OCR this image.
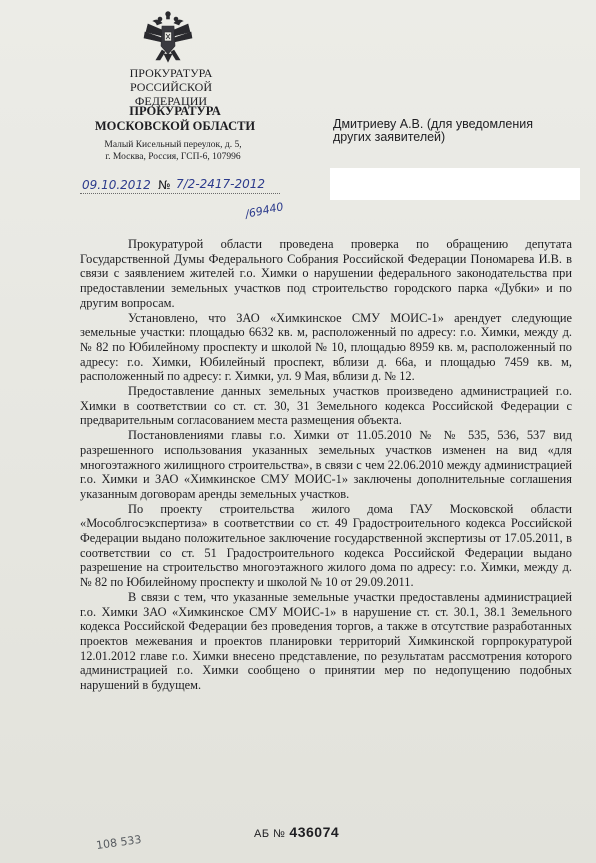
ПРОКУРАТУРА
РОССИЙСКОЙ ФЕДЕРАЦИИ
ПРОКУРАТУРА
МОСКОВСКОЙ ОБЛАСТИ
Малый Кисельный переулок, д. 5,
г. Москва, Россия, ГСП-6, 107996
Дмитриеву А.В. (для уведомления
других заявителей)
09.10.2012 № 7/2-2417-2012
/69440

Прокуратурой области проведена проверка по обращению депутата Государственной Думы Федерального Собрания Российской Федерации Пономарева И.В. в связи с заявлением жителей г.о. Химки о нарушении федерального законодательства при предоставлении земельных участков под строительство городского парка «Дубки» и по другим вопросам.

Установлено, что ЗАО «Химкинское СМУ МОИС-1» арендует следующие земельные участки: площадью 6632 кв. м, расположенный по адресу: г.о. Химки, между д. № 82 по Юбилейному проспекту и школой № 10, площадью 8959 кв. м, расположенный по адресу: г.о. Химки, Юбилейный проспект, вблизи д. 66а, и площадью 7459 кв. м, расположенный по адресу: г. Химки, ул. 9 Мая, вблизи д. № 12.

Предоставление данных земельных участков произведено администрацией г.о. Химки в соответствии со ст. ст. 30, 31 Земельного кодекса Российской Федерации с предварительным согласованием места размещения объекта.

Постановлениями главы г.о. Химки от 11.05.2010 № № 535, 536, 537 вид разрешенного использования указанных земельных участков изменен на вид «для многоэтажного жилищного строительства», в связи с чем 22.06.2010 между администрацией г.о. Химки и ЗАО «Химкинское СМУ МОИС-1» заключены дополнительные соглашения указанным договорам аренды земельных участков.

По проекту строительства жилого дома ГАУ Московской области «Мособлгосэкспертиза» в соответствии со ст. 49 Градостроительного кодекса Российской Федерации выдано положительное заключение государственной экспертизы от 17.05.2011, в соответствии со ст. 51 Градостроительного кодекса Российской Федерации выдано разрешение на строительство многоэтажного жилого дома по адресу: г.о. Химки, между д. № 82 по Юбилейному проспекту и школой № 10 от 29.09.2011.

В связи с тем, что указанные земельные участки предоставлены администрацией г.о. Химки ЗАО «Химкинское СМУ МОИС-1» в нарушение ст. ст. 30.1, 38.1 Земельного кодекса Российской Федерации без проведения торгов, а также в отсутствие разработанных проектов межевания и проектов планировки территорий Химкинской горпрокуратурой 12.01.2012 главе г.о. Химки внесено представление, по результатам рассмотрения которого администрацией г.о. Химки сообщено о принятии мер по недопущению подобных нарушений в будущем.

АБ № 436074
108 533
